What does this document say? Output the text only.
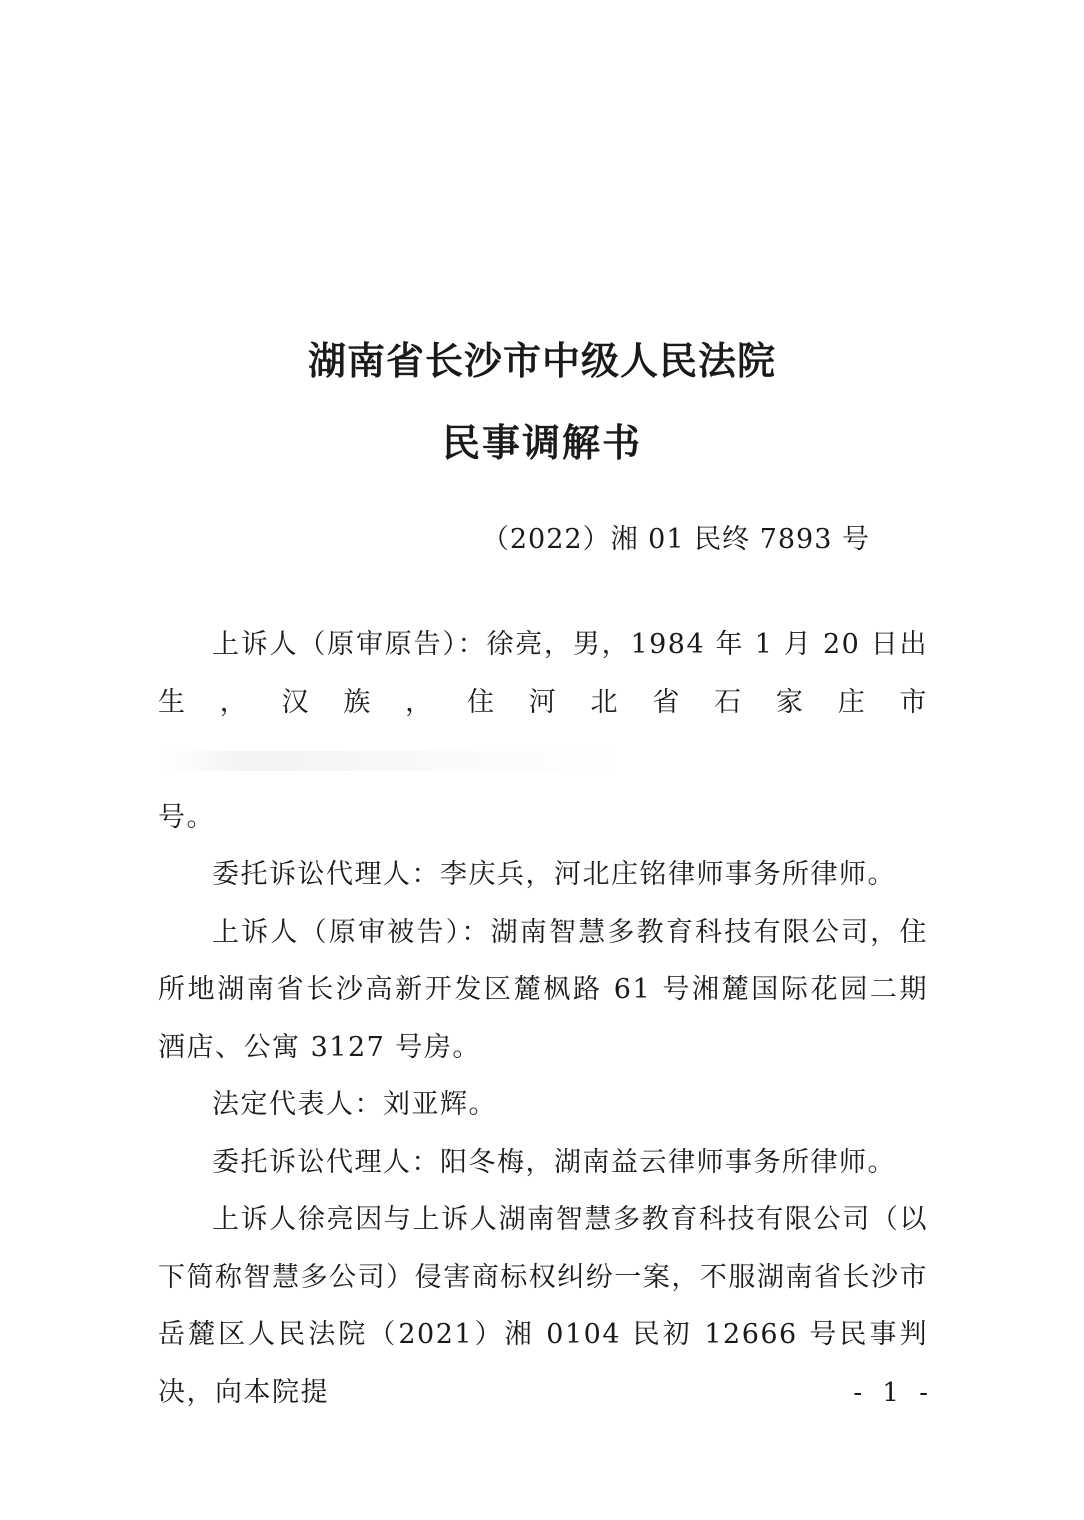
湖南省长沙市中级人民法院
民事调解书
（2022）湘 01 民终 7893 号

上诉人（原审原告）：徐亮，男，1984 年 1 月 20 日出生，汉族，住河北省石家庄市
号。

委托诉讼代理人：李庆兵，河北庄铭律师事务所律师。

上诉人（原审被告）：湖南智慧多教育科技有限公司，住所地湖南省长沙高新开发区麓枫路 61 号湘麓国际花园二期酒店、公寓 3127 号房。

法定代表人：刘亚辉。

委托诉讼代理人：阳冬梅，湖南益云律师事务所律师。

上诉人徐亮因与上诉人湖南智慧多教育科技有限公司（以下简称智慧多公司）侵害商标权纠纷一案，不服湖南省长沙市岳麓区人民法院（2021）湘 0104 民初 12666 号民事判决，向本院提	- 1 -
